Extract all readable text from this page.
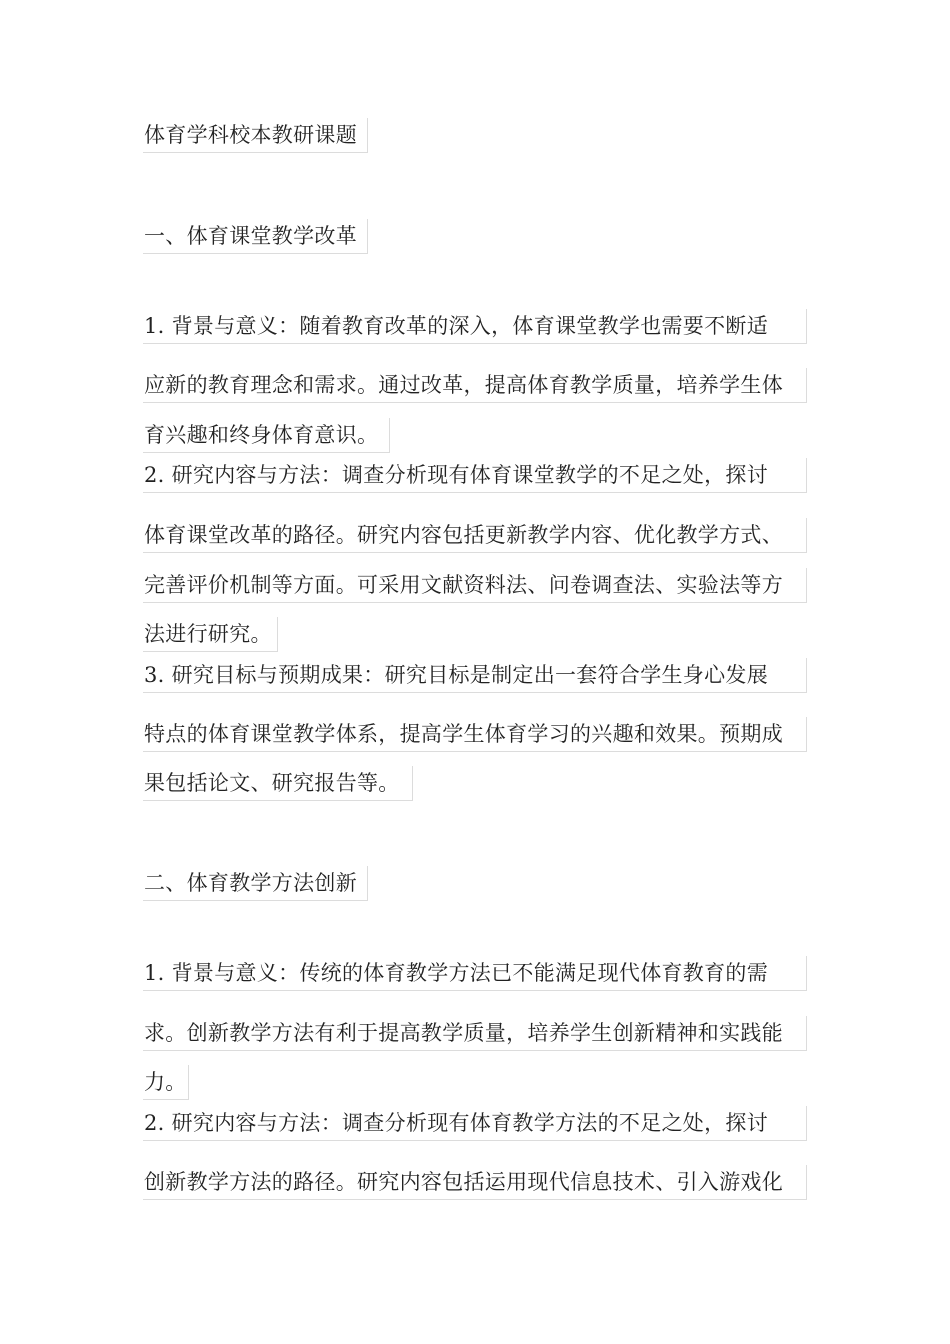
体育学科校本教研课题
一、体育课堂教学改革
1. 背景与意义：随着教育改革的深入，体育课堂教学也需要不断适
应新的教育理念和需求。通过改革，提高体育教学质量，培养学生体
育兴趣和终身体育意识。
2. 研究内容与方法：调查分析现有体育课堂教学的不足之处，探讨
体育课堂改革的路径。研究内容包括更新教学内容、优化教学方式、
完善评价机制等方面。可采用文献资料法、问卷调查法、实验法等方
法进行研究。
3. 研究目标与预期成果：研究目标是制定出一套符合学生身心发展
特点的体育课堂教学体系，提高学生体育学习的兴趣和效果。预期成
果包括论文、研究报告等。
二、体育教学方法创新
1. 背景与意义：传统的体育教学方法已不能满足现代体育教育的需
求。创新教学方法有利于提高教学质量，培养学生创新精神和实践能
力。
2. 研究内容与方法：调查分析现有体育教学方法的不足之处，探讨
创新教学方法的路径。研究内容包括运用现代信息技术、引入游戏化
